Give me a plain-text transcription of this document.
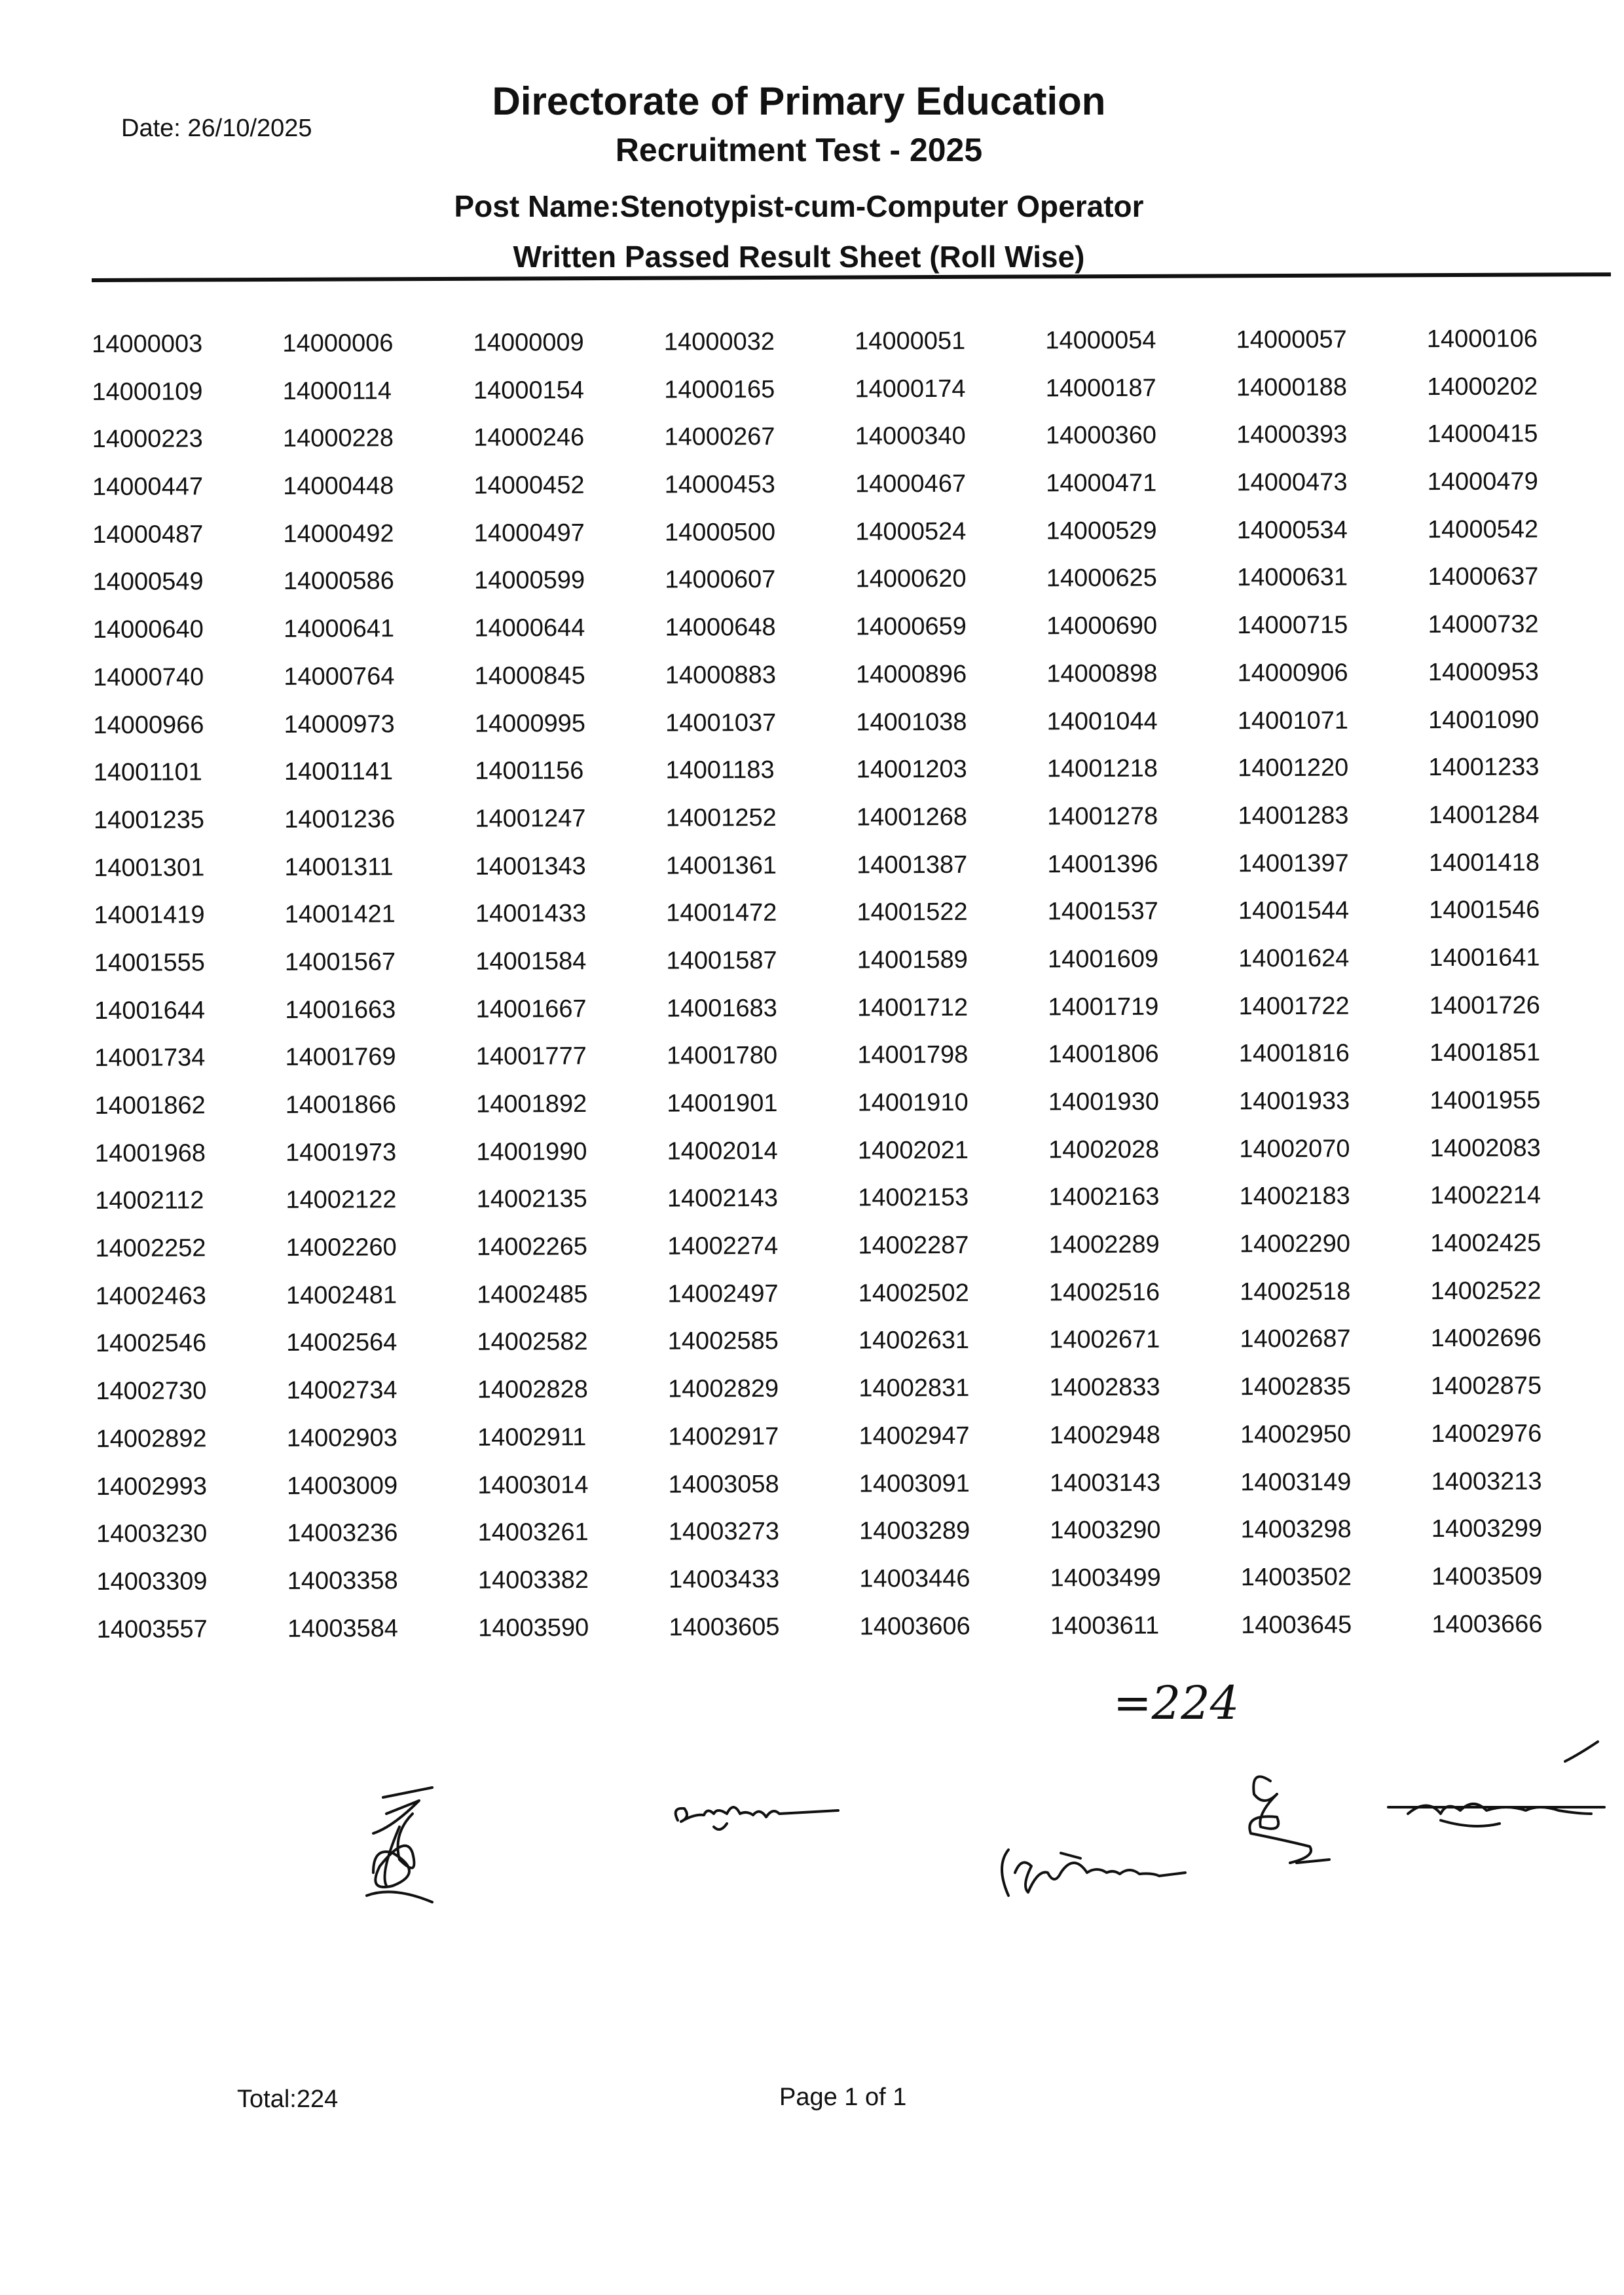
Date: 26/10/2025
Directorate of Primary Education
Recruitment Test - 2025
Post Name:Stenotypist-cum-Computer Operator
Written Passed Result Sheet (Roll Wise)
14000003	14000006	14000009	14000032	14000051	14000054	14000057	14000106
14000109	14000114	14000154	14000165	14000174	14000187	14000188	14000202
14000223	14000228	14000246	14000267	14000340	14000360	14000393	14000415
14000447	14000448	14000452	14000453	14000467	14000471	14000473	14000479
14000487	14000492	14000497	14000500	14000524	14000529	14000534	14000542
14000549	14000586	14000599	14000607	14000620	14000625	14000631	14000637
14000640	14000641	14000644	14000648	14000659	14000690	14000715	14000732
14000740	14000764	14000845	14000883	14000896	14000898	14000906	14000953
14000966	14000973	14000995	14001037	14001038	14001044	14001071	14001090
14001101	14001141	14001156	14001183	14001203	14001218	14001220	14001233
14001235	14001236	14001247	14001252	14001268	14001278	14001283	14001284
14001301	14001311	14001343	14001361	14001387	14001396	14001397	14001418
14001419	14001421	14001433	14001472	14001522	14001537	14001544	14001546
14001555	14001567	14001584	14001587	14001589	14001609	14001624	14001641
14001644	14001663	14001667	14001683	14001712	14001719	14001722	14001726
14001734	14001769	14001777	14001780	14001798	14001806	14001816	14001851
14001862	14001866	14001892	14001901	14001910	14001930	14001933	14001955
14001968	14001973	14001990	14002014	14002021	14002028	14002070	14002083
14002112	14002122	14002135	14002143	14002153	14002163	14002183	14002214
14002252	14002260	14002265	14002274	14002287	14002289	14002290	14002425
14002463	14002481	14002485	14002497	14002502	14002516	14002518	14002522
14002546	14002564	14002582	14002585	14002631	14002671	14002687	14002696
14002730	14002734	14002828	14002829	14002831	14002833	14002835	14002875
14002892	14002903	14002911	14002917	14002947	14002948	14002950	14002976
14002993	14003009	14003014	14003058	14003091	14003143	14003149	14003213
14003230	14003236	14003261	14003273	14003289	14003290	14003298	14003299
14003309	14003358	14003382	14003433	14003446	14003499	14003502	14003509
14003557	14003584	14003590	14003605	14003606	14003611	14003645	14003666
=224
Total:224	Page 1 of 1
